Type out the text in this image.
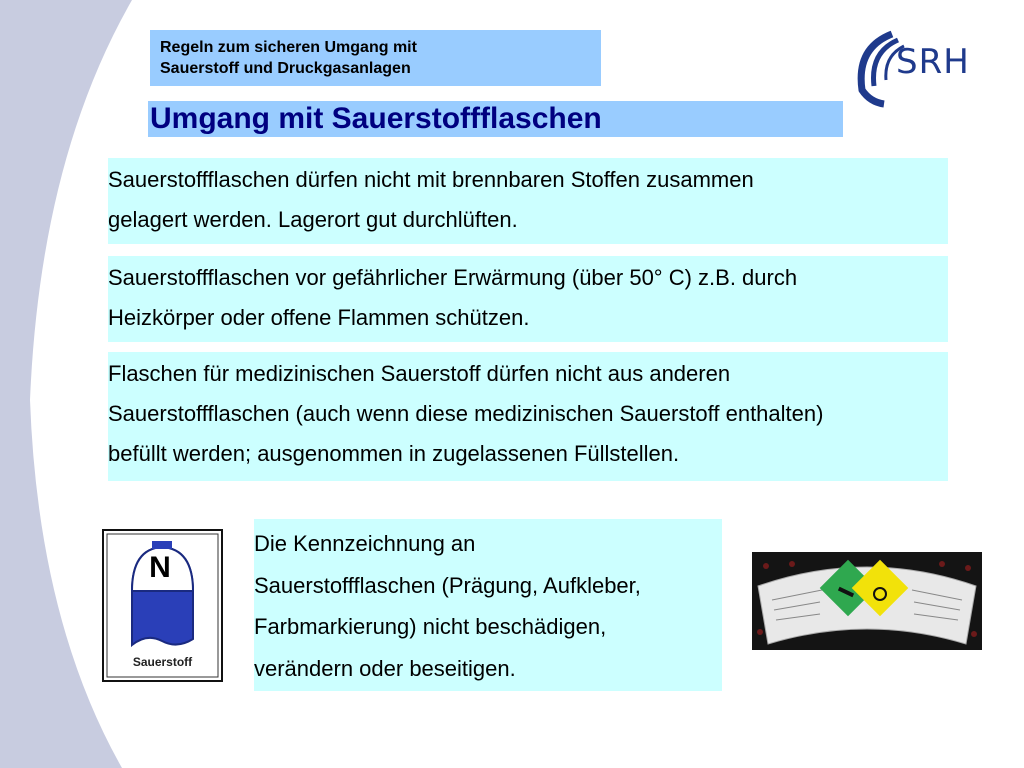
Regeln zum sicheren Umgang mit
Sauerstoff und Druckgasanlagen	SRH
Umgang mit Sauerstoffflaschen
Sauerstoffflaschen dürfen nicht mit brennbaren Stoffen zusammen
gelagert werden. Lagerort gut durchlüften.
Sauerstoffflaschen vor gefährlicher Erwärmung (über 50° C) z.B. durch
Heizkörper oder offene Flammen schützen.
Flaschen für medizinischen Sauerstoff dürfen nicht aus anderen
Sauerstoffflaschen (auch wenn diese medizinischen Sauerstoff enthalten)
befüllt werden; ausgenommen in zugelassenen Füllstellen.
N
Sauerstoff
Die Kennzeichnung an
Sauerstoffflaschen (Prägung, Aufkleber,
Farbmarkierung) nicht beschädigen,
verändern oder beseitigen.
